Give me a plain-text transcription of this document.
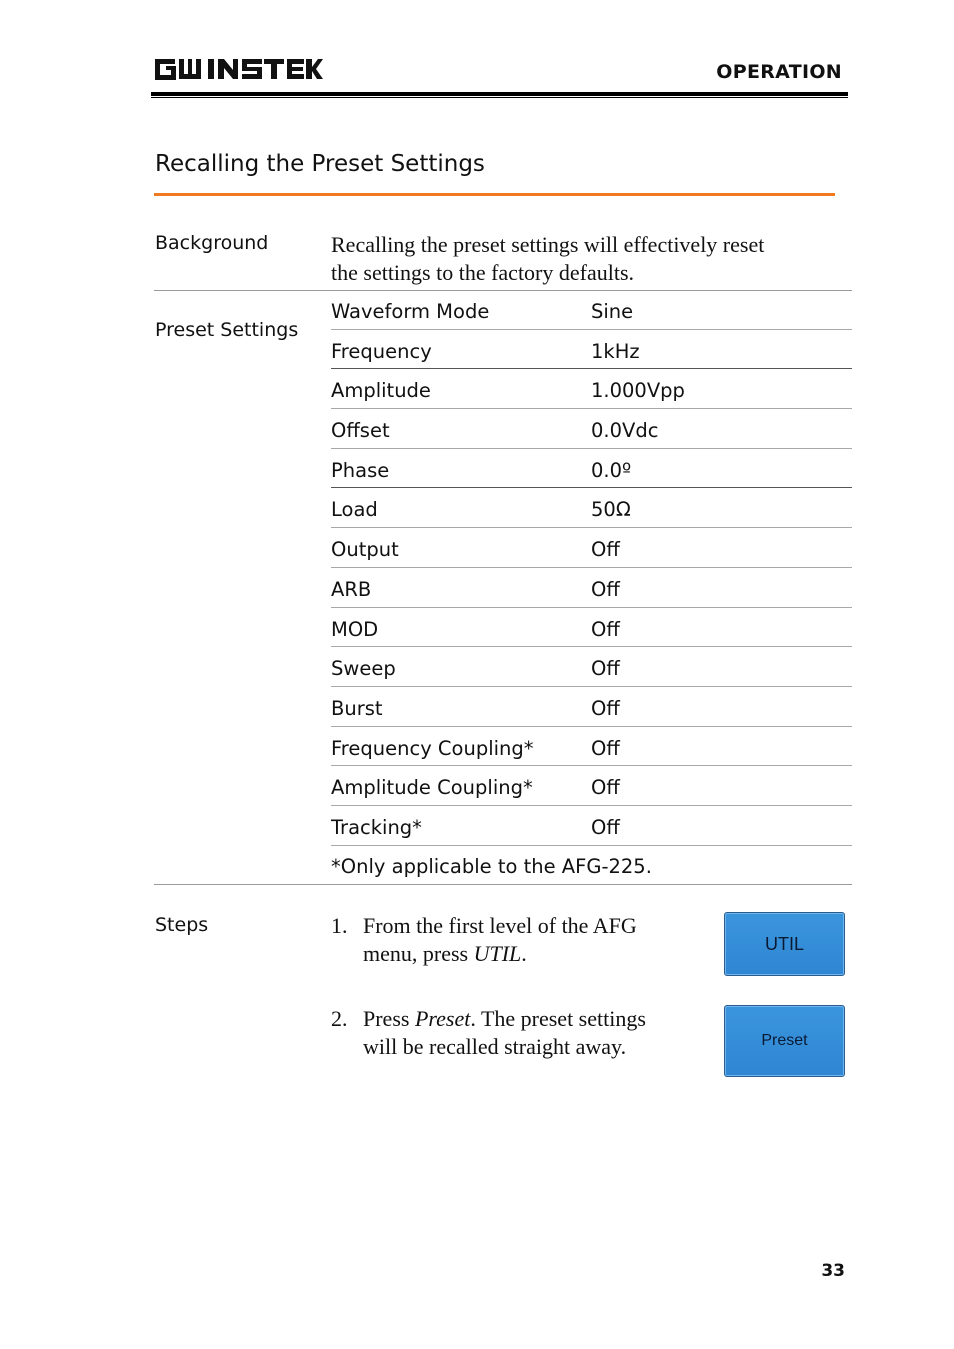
OPERATION
Recalling the Preset Settings
Background	Recalling the preset settings will effectively reset
the settings to the factory defaults.
Preset Settings
Waveform Mode	Sine
Frequency	1kHz
Amplitude	1.000Vpp
Offset	0.0Vdc
Phase	0.0º
Load	50Ω
Output	Off
ARB	Off
MOD	Off
Sweep	Off
Burst	Off
Frequency Coupling*	Off
Amplitude Coupling*	Off
Tracking*	Off
*Only applicable to the AFG-225.
Steps	1. From the first level of the AFG
menu, press UTIL.	UTIL
2. Press Preset. The preset settings
will be recalled straight away.	Preset
33
